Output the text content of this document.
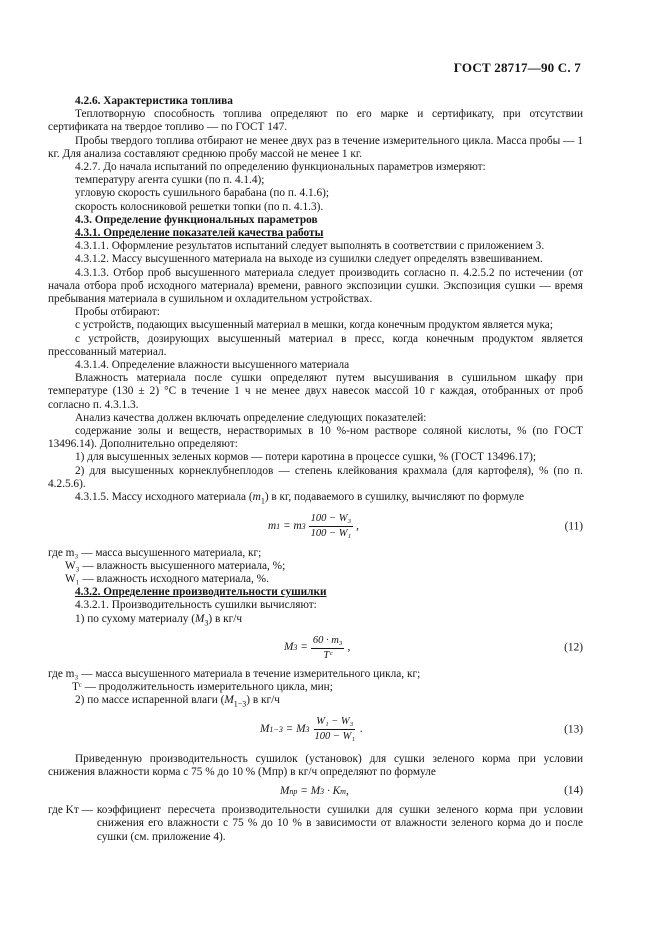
ГОСТ 28717—90 С. 7

4.2.6. Характеристика топлива

Теплотворную способность топлива определяют по его марке и сертификату, при отсутствии сертификата на твердое топливо — по ГОСТ 147.

Пробы твердого топлива отбирают не менее двух раз в течение измерительного цикла. Масса пробы — 1 кг. Для анализа составляют среднюю пробу массой не менее 1 кг.

4.2.7. До начала испытаний по определению функциональных параметров измеряют:

температуру агента сушки (по п. 4.1.4);

угловую скорость сушильного барабана (по п. 4.1.6);

скорость колосниковой решетки топки (по п. 4.1.3).

4.3. Определение функциональных параметров

4.3.1. Определение показателей качества работы

4.3.1.1. Оформление результатов испытаний следует выполнять в соответствии с приложением 3.

4.3.1.2. Массу высушенного материала на выходе из сушилки следует определять взвешиванием.

4.3.1.3. Отбор проб высушенного материала следует производить согласно п. 4.2.5.2 по истечении (от начала отбора проб исходного материала) времени, равного экспозиции сушки. Экспозиция сушки — время пребывания материала в сушильном и охладительном устройствах.

Пробы отбирают:

с устройств, подающих высушенный материал в мешки, когда конечным продуктом является мука;

с устройств, дозирующих высушенный материал в пресс, когда конечным продуктом является прессованный материал.

4.3.1.4. Определение влажности высушенного материала

Влажность материала после сушки определяют путем высушивания в сушильном шкафу при температуре (130 ± 2) °С в течение 1 ч не менее двух навесок массой 10 г каждая, отобранных от проб согласно п. 4.3.1.3.

Анализ качества должен включать определение следующих показателей:

содержание золы и веществ, нерастворимых в 10 %-ном растворе соляной кислоты, % (по ГОСТ 13496.14). Дополнительно определяют:

1) для высушенных зеленых кормов — потери каротина в процессе сушки, % (ГОСТ 13496.17);

2) для высушенных корнеклубнеплодов — степень клейкования крахмала (для картофеля), % (по п. 4.2.5.6).

4.3.1.5. Массу исходного материала $(m_1)$ в кг, подаваемого в сушилку, вычисляют по формуле

m 1 = m $3 \frac{\text{100 − W₃}}{\text{100 − W₁}}$ ,	(11)

где m₃ — масса высушенного материала, кг;

W₃ — влажность высушенного материала, %;

W₁ — влажность исходного материала, %.

4.3.2. Определение производительности сушилки

4.3.2.1. Производительность сушилки вычисляют:

1) по сухому материалу $(M_3)$ в кг/ч

M $3 = \frac{\text{60 · m₃}}{\text{Tᶜ}}$ ,	(12)

где m₃ — масса высушенного материала в течение измерительного цикла, кг;

Tᶜ — продолжительность измерительного цикла, мин;

2) по массе испаренной влаги $(M_{1-3})$ в кг/ч

M 1−3 = M $3 \frac{\text{W₁ − W₃}}{\text{100 − W₁}}$ .	(13)

Приведенную производительность сушилок (установок) для сушки зеленого корма при условии снижения влажности корма с 75 % до 10 % (Mпр) в кг/ч определяют по формуле

M пр = M 3 · K т ,	(14)
где Kт — коэффициент пересчета производительности сушилки для сушки зеленого корма при условии снижения его влажности с 75 % до 10 % в зависимости от влажности зеленого корма до и после сушки (см. приложение 4).
